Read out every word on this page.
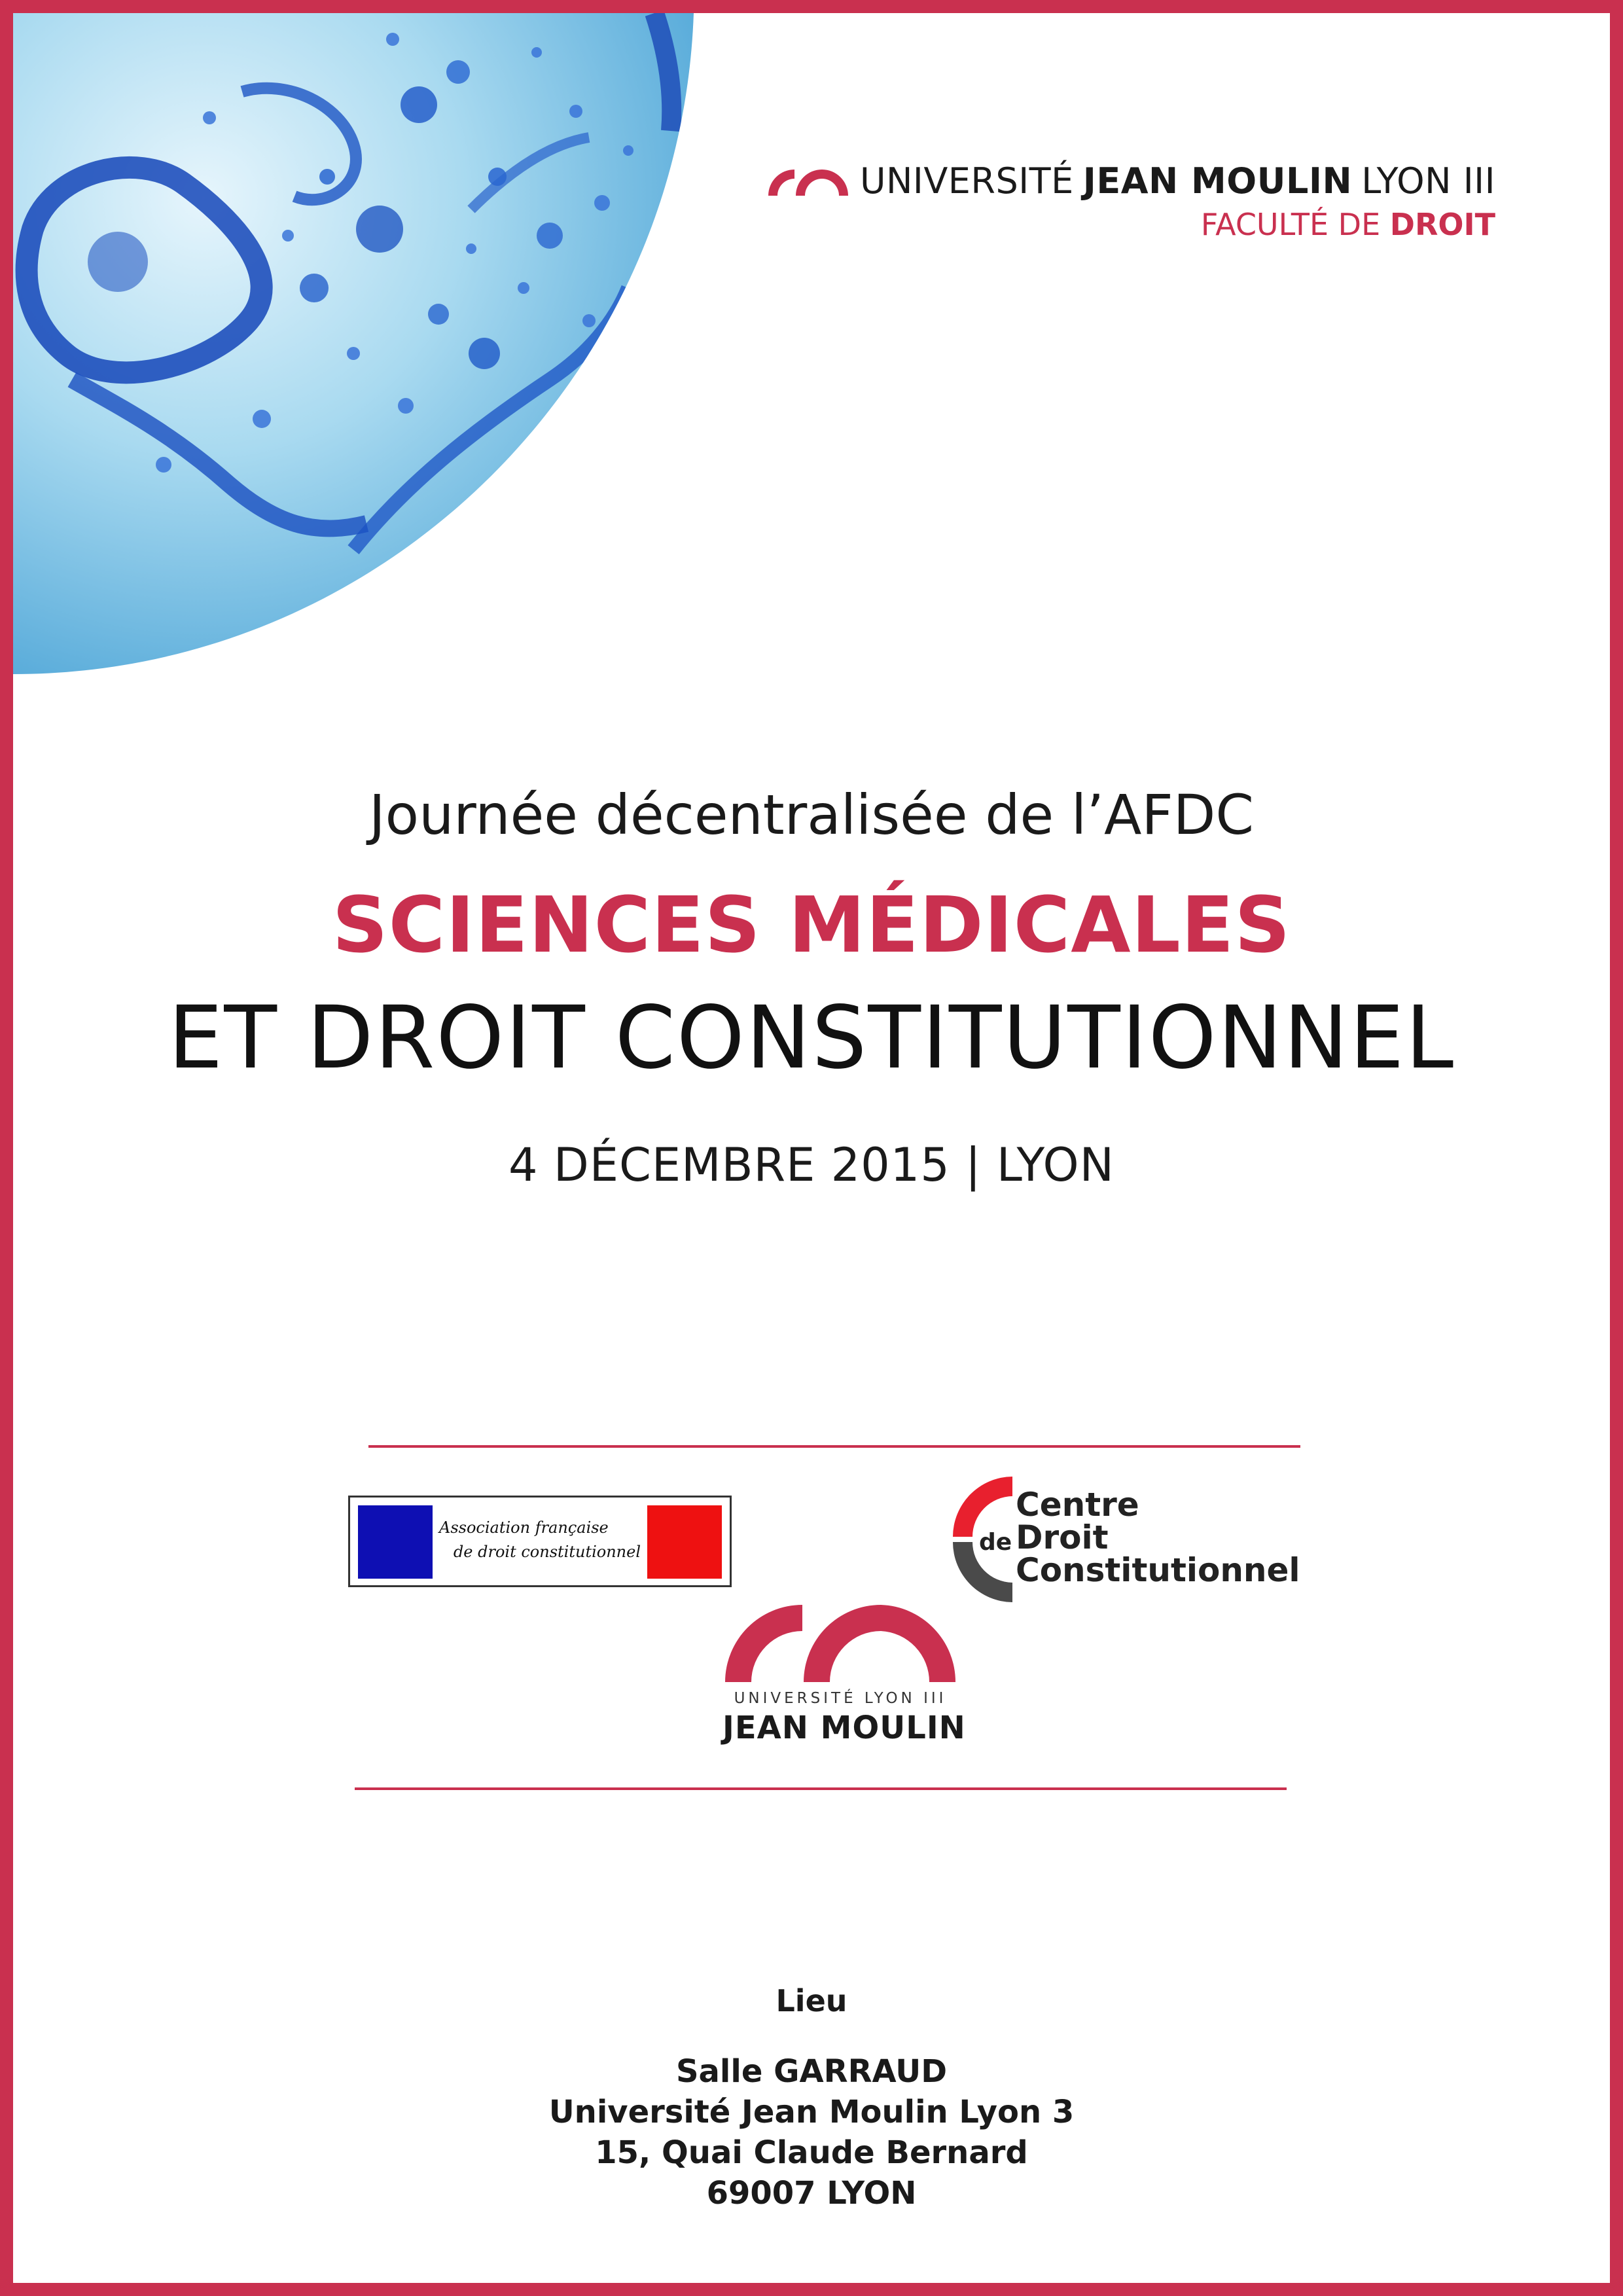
UNIVERSITÉ JEAN MOULIN LYON III
FACULTÉ DE DROIT

Journée décentralisée de l’AFDC

SCIENCES MÉDICALES

ET DROIT CONSTITUTIONNEL

4 DÉCEMBRE 2015 | LYON

Association française
de droit constitutionnel	de
Centre
Droit
Constitutionnel
UNIVERSITÉ LYON III
JEAN MOULIN

Lieu

Salle GARRAUD

Université Jean Moulin Lyon 3

15, Quai Claude Bernard

69007 LYON
